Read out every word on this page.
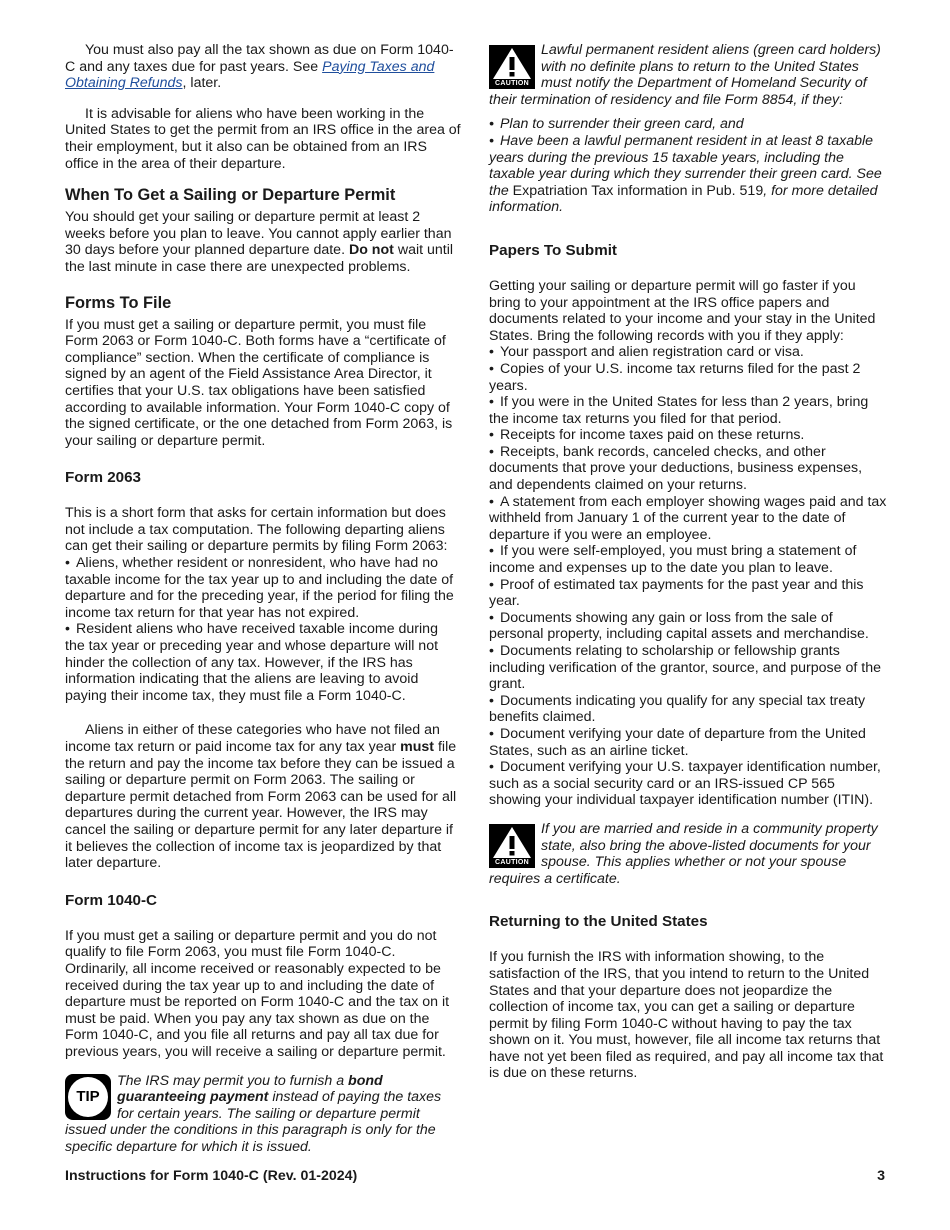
You must also pay all the tax shown as due on Form 1040-C and any taxes due for past years. See Paying Taxes and Obtaining Refunds, later.

It is advisable for aliens who have been working in the United States to get the permit from an IRS office in the area of their employment, but it also can be obtained from an IRS office in the area of their departure.

When To Get a Sailing or Departure Permit

You should get your sailing or departure permit at least 2 weeks before you plan to leave. You cannot apply earlier than 30 days before your planned departure date. Do not wait until the last minute in case there are unexpected problems.

Forms To File

If you must get a sailing or departure permit, you must file Form 2063 or Form 1040-C. Both forms have a “certificate of compliance” section. When the certificate of compliance is signed by an agent of the Field Assistance Area Director, it certifies that your U.S. tax obligations have been satisfied according to available information. Your Form 1040-C copy of the signed certificate, or the one detached from Form 2063, is your sailing or departure permit.

Form 2063

This is a short form that asks for certain information but does not include a tax computation. The following departing aliens can get their sailing or departure permits by filing Form 2063:

• Aliens, whether resident or nonresident, who have had no taxable income for the tax year up to and including the date of departure and for the preceding year, if the period for filing the income tax return for that year has not expired.

• Resident aliens who have received taxable income during the tax year or preceding year and whose departure will not hinder the collection of any tax. However, if the IRS has information indicating that the aliens are leaving to avoid paying their income tax, they must file a Form 1040-C.

Aliens in either of these categories who have not filed an income tax return or paid income tax for any tax year must file the return and pay the income tax before they can be issued a sailing or departure permit on Form 2063. The sailing or departure permit detached from Form 2063 can be used for all departures during the current year. However, the IRS may cancel the sailing or departure permit for any later departure if it believes the collection of income tax is jeopardized by that later departure.

Form 1040-C

If you must get a sailing or departure permit and you do not qualify to file Form 2063, you must file Form 1040-C. Ordinarily, all income received or reasonably expected to be received during the tax year up to and including the date of departure must be reported on Form 1040-C and the tax on it must be paid. When you pay any tax shown as due on the Form 1040-C, and you file all returns and pay all tax due for previous years, you will receive a sailing or departure permit.

TIP

The IRS may permit you to furnish a bond guaranteeing payment instead of paying the taxes for certain years. The sailing or departure permit issued under the conditions in this paragraph is only for the specific departure for which it is issued.

CAUTION

Lawful permanent resident aliens (green card holders) with no definite plans to return to the United States must notify the Department of Homeland Security of their termination of residency and file Form 8854, if they:

• Plan to surrender their green card, and

• Have been a lawful permanent resident in at least 8 taxable years during the previous 15 taxable years, including the taxable year during which they surrender their green card. See the Expatriation Tax information in Pub. 519, for more detailed information.

Papers To Submit

Getting your sailing or departure permit will go faster if you bring to your appointment at the IRS office papers and documents related to your income and your stay in the United States. Bring the following records with you if they apply:

• Your passport and alien registration card or visa.

• Copies of your U.S. income tax returns filed for the past 2 years.

• If you were in the United States for less than 2 years, bring the income tax returns you filed for that period.

• Receipts for income taxes paid on these returns.

• Receipts, bank records, canceled checks, and other documents that prove your deductions, business expenses, and dependents claimed on your returns.

• A statement from each employer showing wages paid and tax withheld from January 1 of the current year to the date of departure if you were an employee.

• If you were self-employed, you must bring a statement of income and expenses up to the date you plan to leave.

• Proof of estimated tax payments for the past year and this year.

• Documents showing any gain or loss from the sale of personal property, including capital assets and merchandise.

• Documents relating to scholarship or fellowship grants including verification of the grantor, source, and purpose of the grant.

• Documents indicating you qualify for any special tax treaty benefits claimed.

• Document verifying your date of departure from the United States, such as an airline ticket.

• Document verifying your U.S. taxpayer identification number, such as a social security card or an IRS-issued CP 565 showing your individual taxpayer identification number (ITIN).

CAUTION

If you are married and reside in a community property state, also bring the above-listed documents for your spouse. This applies whether or not your spouse requires a certificate.

Returning to the United States

If you furnish the IRS with information showing, to the satisfaction of the IRS, that you intend to return to the United States and that your departure does not jeopardize the collection of income tax, you can get a sailing or departure permit by filing Form 1040-C without having to pay the tax shown on it. You must, however, file all income tax returns that have not yet been filed as required, and pay all income tax that is due on these returns.

Instructions for Form 1040-C (Rev. 01-2024)	3
